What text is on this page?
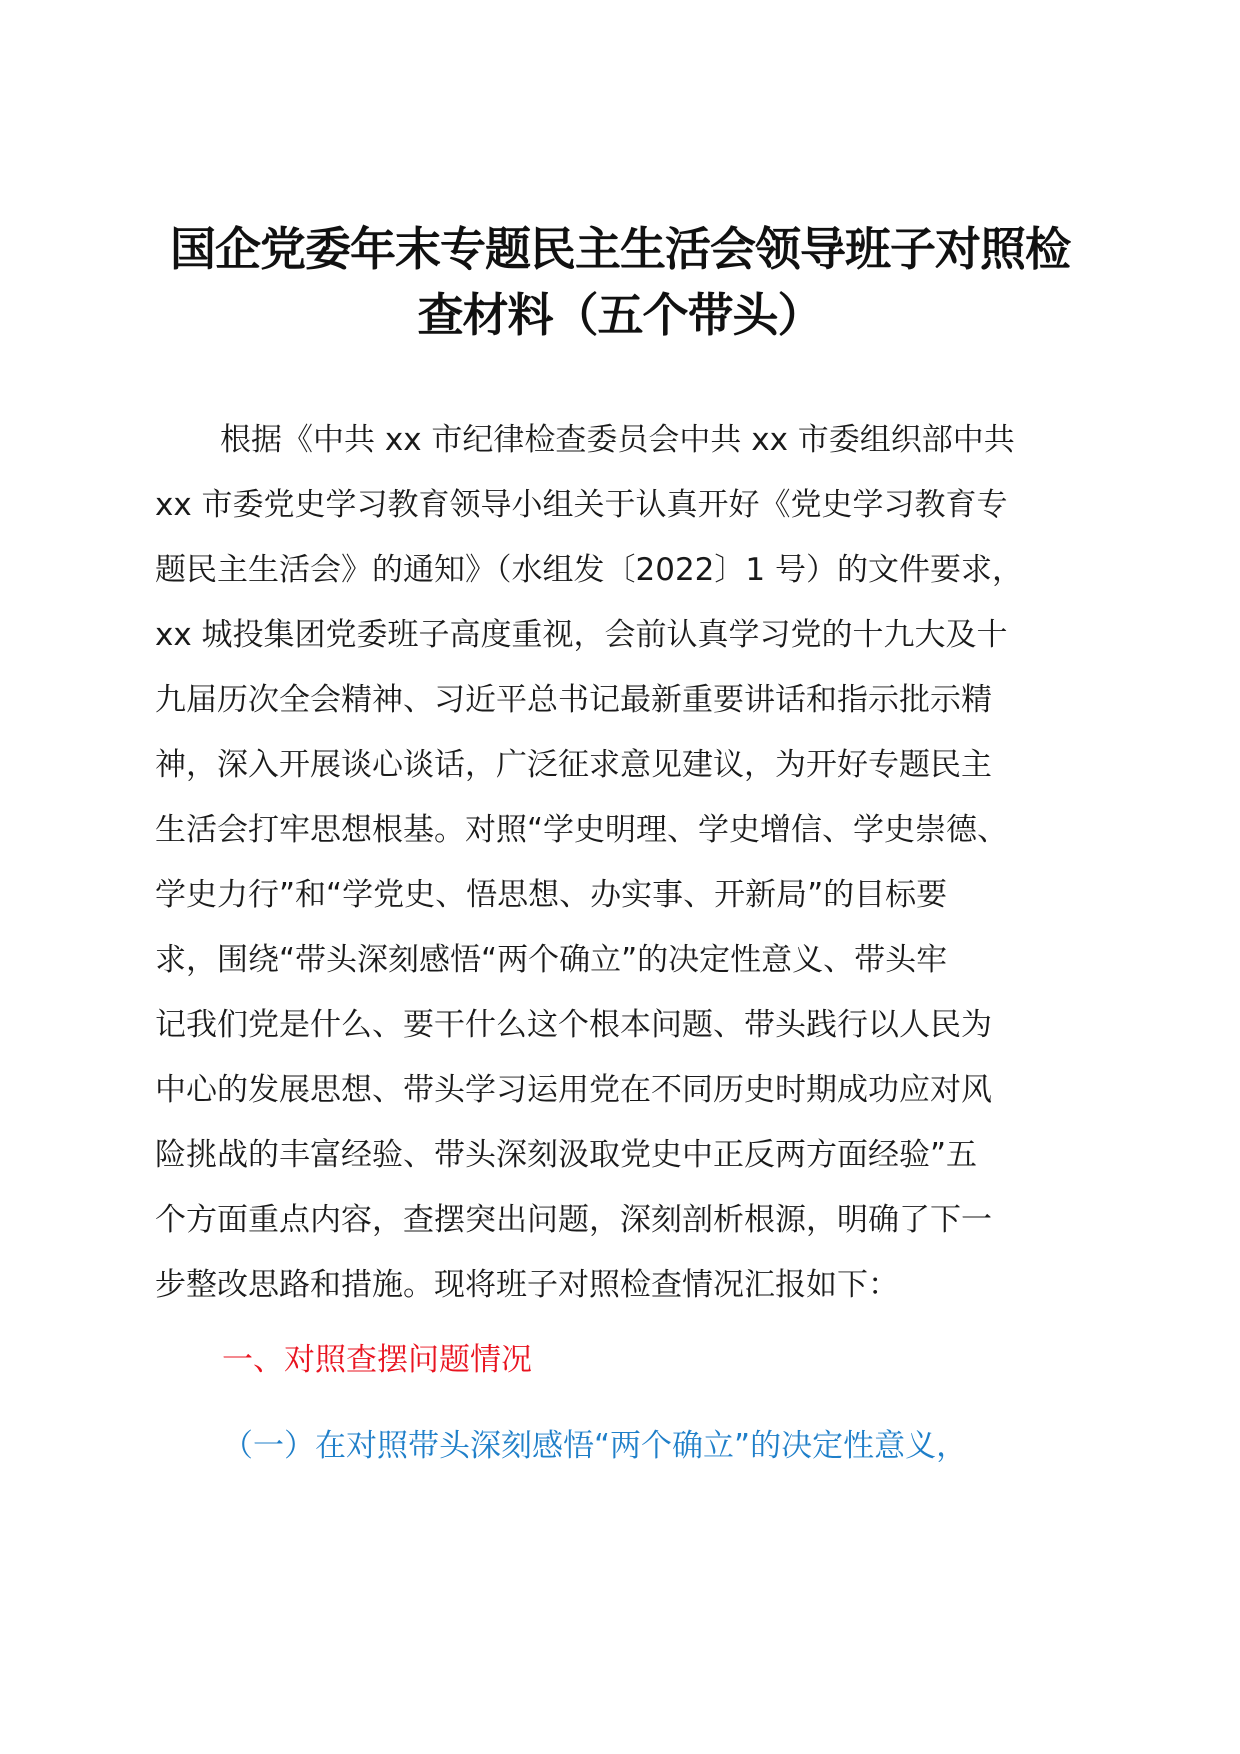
国企党委年末专题民主生活会领导班子对照检
查材料（五个带头）
根据《中共 xx 市纪律检查委员会中共 xx 市委组织部中共
xx 市委党史学习教育领导小组关于认真开好《党史学习教育专
题民主生活会》的通知》（水组发〔2022〕1 号）的文件要求，
xx 城投集团党委班子高度重视，会前认真学习党的十九大及十
九届历次全会精神、习近平总书记最新重要讲话和指示批示精
神，深入开展谈心谈话，广泛征求意见建议，为开好专题民主
生活会打牢思想根基。对照“学史明理、学史增信、学史崇德、
学史力行”和“学党史、悟思想、办实事、开新局”的目标要
求，围绕“带头深刻感悟“两个确立”的决定性意义、带头牢
记我们党是什么、要干什么这个根本问题、带头践行以人民为
中心的发展思想、带头学习运用党在不同历史时期成功应对风
险挑战的丰富经验、带头深刻汲取党史中正反两方面经验”五
个方面重点内容，查摆突出问题，深刻剖析根源，明确了下一
步整改思路和措施。现将班子对照检查情况汇报如下：
一、对照查摆问题情况
（一）在对照带头深刻感悟“两个确立”的决定性意义，
